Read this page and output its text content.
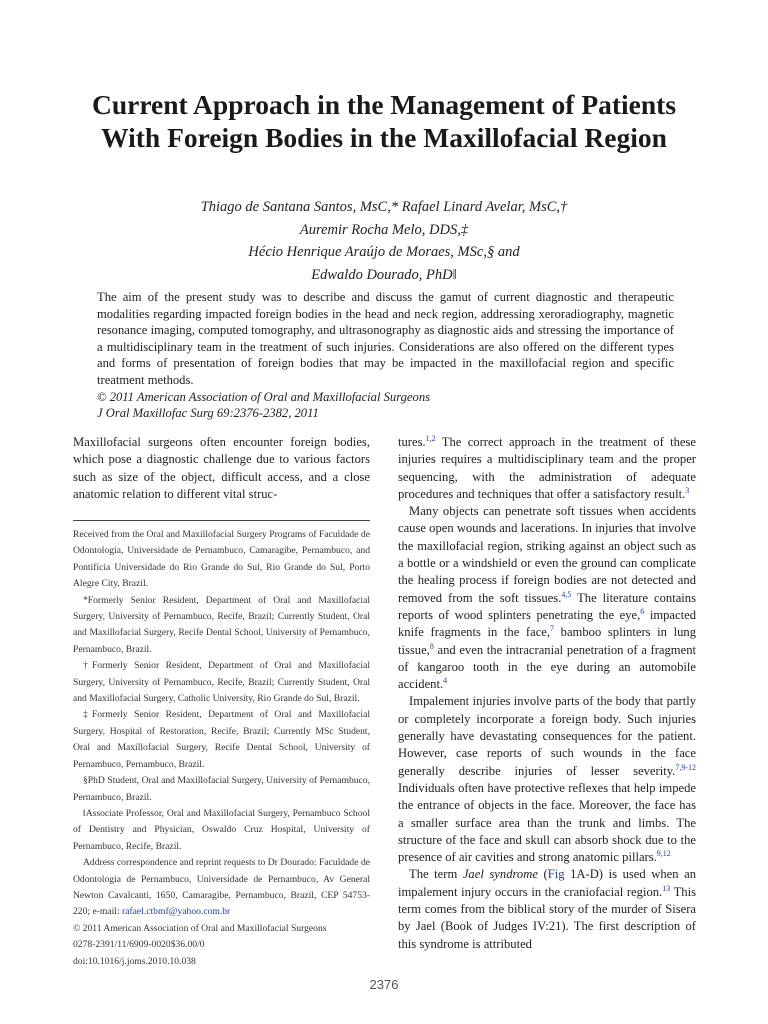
Current Approach in the Management of Patients With Foreign Bodies in the Maxillofacial Region
Thiago de Santana Santos, MsC,* Rafael Linard Avelar, MsC,†
Auremir Rocha Melo, DDS,‡
Hécio Henrique Araújo de Moraes, MSc,§ and
Edwaldo Dourado, PhD‖
The aim of the present study was to describe and discuss the gamut of current diagnostic and therapeutic modalities regarding impacted foreign bodies in the head and neck region, addressing xeroradiography, magnetic resonance imaging, computed tomography, and ultrasonography as diagnostic aids and stressing the importance of a multidisciplinary team in the treatment of such injuries. Considerations are also offered on the different types and forms of presentation of foreign bodies that may be impacted in the maxillofacial region and specific treatment methods.
© 2011 American Association of Oral and Maxillofacial Surgeons
J Oral Maxillofac Surg 69:2376-2382, 2011
Maxillofacial surgeons often encounter foreign bodies, which pose a diagnostic challenge due to various factors such as size of the object, difficult access, and a close anatomic relation to different vital struc-

Received from the Oral and Maxillofacial Surgery Programs of Faculdade de Odontologia, Universidade de Pernambuco, Camaragibe, Pernambuco, and Pontifícia Universidade do Rio Grande do Sul, Rio Grande do Sul, Porto Alegre City, Brazil.

*Formerly Senior Resident, Department of Oral and Maxillofacial Surgery, University of Pernambuco, Recife, Brazil; Currently Student, Oral and Maxillofacial Surgery, Recife Dental School, University of Pernambuco, Pernambuco, Brazil.

†Formerly Senior Resident, Department of Oral and Maxillofacial Surgery, University of Pernambuco, Recife, Brazil; Currently Student, Oral and Maxillofacial Surgery, Catholic University, Rio Grande do Sul, Brazil.

‡Formerly Senior Resident, Department of Oral and Maxillofacial Surgery, Hospital of Restoration, Recife, Brazil; Currently MSc Student, Oral and Maxillofacial Surgery, Recife Dental School, University of Pernambuco, Pernambuco, Brazil.

§PhD Student, Oral and Maxillofacial Surgery, University of Pernambuco, Pernambuco, Brazil.

‖Associate Professor, Oral and Maxillofacial Surgery, Pernambuco School of Dentistry and Physician, Oswaldo Cruz Hospital, University of Pernambuco, Recife, Brazil.

Address correspondence and reprint requests to Dr Dourado: Faculdade de Odontologia de Pernambuco, Universidade de Pernambuco, Av General Newton Cavalcanti, 1650, Camaragibe, Pernambuco, Brazil, CEP 54753-220; e-mail: rafael.ctbmf@yahoo.com.br

© 2011 American Association of Oral and Maxillofacial Surgeons

0278-2391/11/6909-0020$36.00/0

doi:10.1016/j.joms.2010.10.038

tures.$^{1,2}$ The correct approach in the treatment of these injuries requires a multidisciplinary team and the proper sequencing, with the administration of adequate procedures and techniques that offer a satisfactory result.$^3$

Many objects can penetrate soft tissues when accidents cause open wounds and lacerations. In injuries that involve the maxillofacial region, striking against an object such as a bottle or a windshield or even the ground can complicate the healing process if foreign bodies are not detected and removed from the soft tissues.$^{4,5}$ The literature contains reports of wood splinters penetrating the eye,$^6$ impacted knife fragments in the face,$^7$ bamboo splinters in lung tissue,$^8$ and even the intracranial penetration of a fragment of kangaroo tooth in the eye during an automobile accident.$^4$

Impalement injuries involve parts of the body that partly or completely incorporate a foreign body. Such injuries generally have devastating consequences for the patient. However, case reports of such wounds in the face generally describe injuries of lesser severity.$^{7,9-12}$ Individuals often have protective reflexes that help impede the entrance of objects in the face. Moreover, the face has a smaller surface area than the trunk and limbs. The structure of the face and skull can absorb shock due to the presence of air cavities and strong anatomic pillars.$^{9,12}$

The term Jael syndrome (Fig 1A-D) is used when an impalement injury occurs in the craniofacial region.$^{13}$ This term comes from the biblical story of the murder of Sisera by Jael (Book of Judges IV:21). The first description of this syndrome is attributed

2376
